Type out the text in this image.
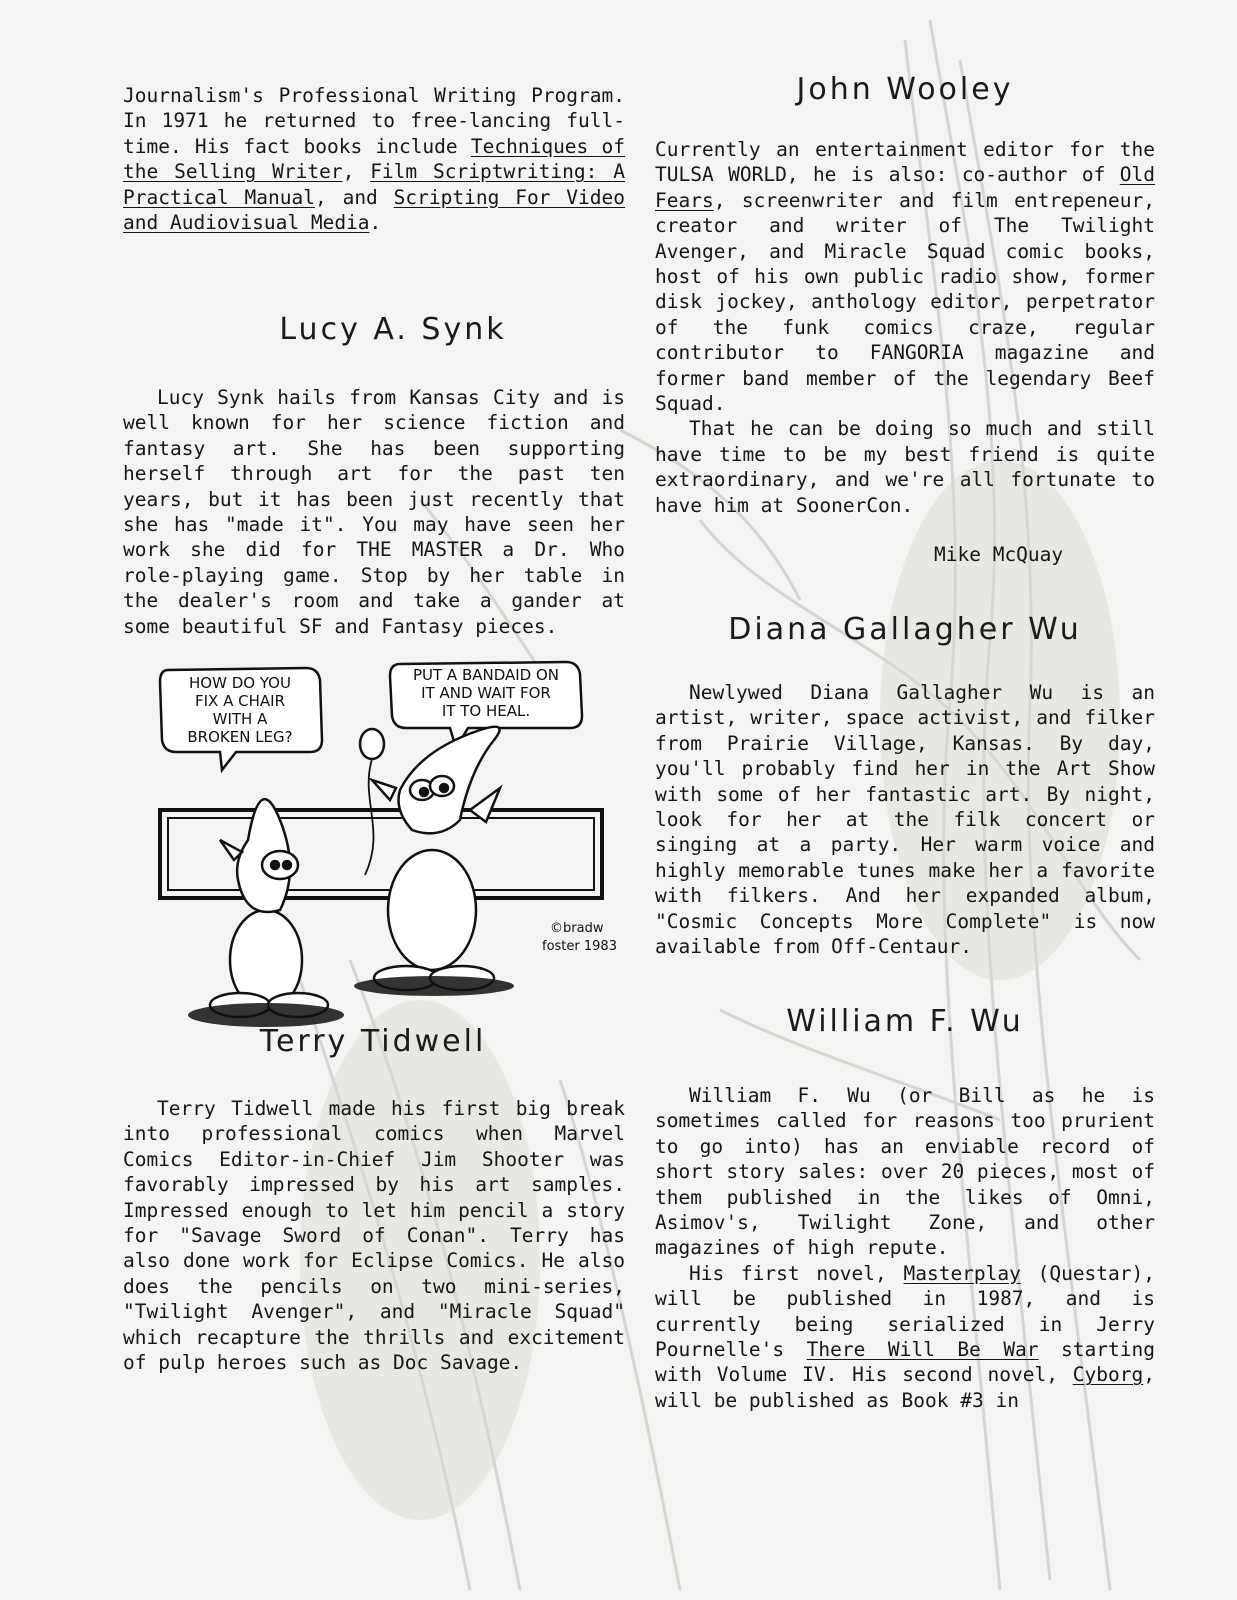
Journalism's Professional Writing Program. In 1971 he returned to free-lancing full-time. His fact books include Techniques of the Selling Writer, Film Scriptwriting: A Practical Manual, and Scripting For Video and Audiovisual Media.

Lucy A. Synk

Lucy Synk hails from Kansas City and is well known for her science fiction and fantasy art. She has been supporting herself through art for the past ten years, but it has been just recently that she has "made it". You may have seen her work she did for THE MASTER a Dr. Who role-playing game. Stop by her table in the dealer's room and take a gander at some beautiful SF and Fantasy pieces.

HOW DO YOU
FIX A CHAIR
WITH A
BROKEN LEG?
PUT A BANDAID ON
IT AND WAIT FOR
IT TO HEAL.
©bradw
foster 1983
Terry Tidwell

Terry Tidwell made his first big break into professional comics when Marvel Comics Editor-in-Chief Jim Shooter was favorably impressed by his art samples. Impressed enough to let him pencil a story for "Savage Sword of Conan". Terry has also done work for Eclipse Comics. He also does the pencils on two mini-series, "Twilight Avenger", and "Miracle Squad" which recapture the thrills and excitement of pulp heroes such as Doc Savage.

John Wooley

Currently an entertainment editor for the TULSA WORLD, he is also: co-author of Old Fears, screenwriter and film entrepeneur, creator and writer of The Twilight Avenger, and Miracle Squad comic books, host of his own public radio show, former disk jockey, anthology editor, perpetrator of the funk comics craze, regular contributor to FANGORIA magazine and former band member of the legendary Beef Squad.

That he can be doing so much and still have time to be my best friend is quite extraordinary, and we're all fortunate to have him at SoonerCon.

Mike McQuay
Diana Gallagher Wu

Newlywed Diana Gallagher Wu is an artist, writer, space activist, and filker from Prairie Village, Kansas. By day, you'll probably find her in the Art Show with some of her fantastic art. By night, look for her at the filk concert or singing at a party. Her warm voice and highly memorable tunes make her a favorite with filkers. And her expanded album, "Cosmic Concepts More Complete" is now available from Off-Centaur.

William F. Wu

William F. Wu (or Bill as he is sometimes called for reasons too prurient to go into) has an enviable record of short story sales: over 20 pieces, most of them published in the likes of Omni, Asimov's, Twilight Zone, and other magazines of high repute.

His first novel, Masterplay (Questar), will be published in 1987, and is currently being serialized in Jerry Pournelle's There Will Be War starting with Volume IV. His second novel, Cyborg, will be published as Book #3 in
